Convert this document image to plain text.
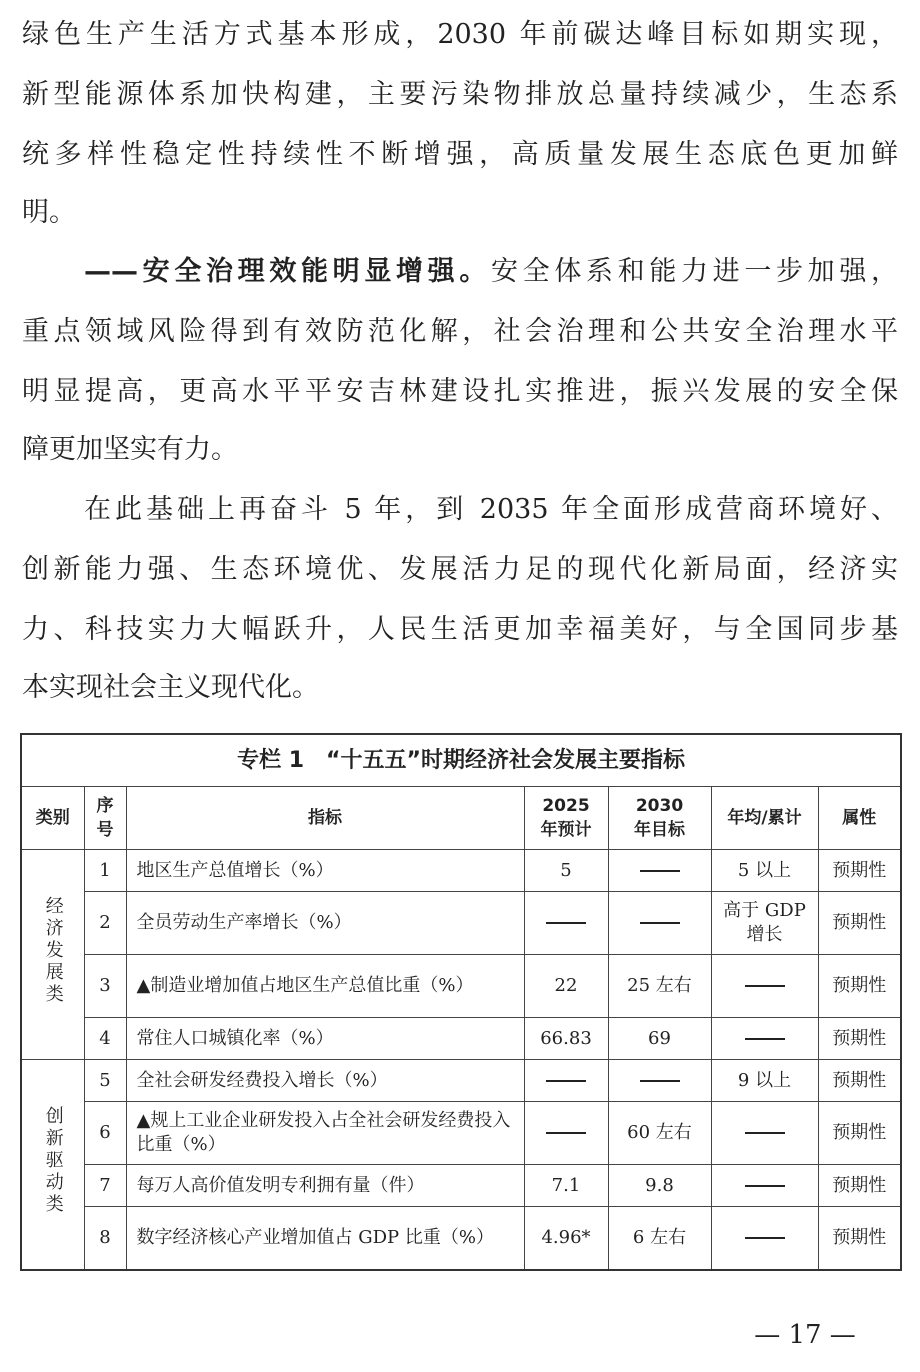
绿色生产生活方式基本形成，2030 年前碳达峰目标如期实现，
新型能源体系加快构建，主要污染物排放总量持续减少，生态系
统多样性稳定性持续性不断增强，高质量发展生态底色更加鲜
明。
——安全治理效能明显增强。安全体系和能力进一步加强，
重点领域风险得到有效防范化解，社会治理和公共安全治理水平
明显提高，更高水平平安吉林建设扎实推进，振兴发展的安全保
障更加坚实有力。
在此基础上再奋斗 5 年，到 2035 年全面形成营商环境好、
创新能力强、生态环境优、发展活力足的现代化新局面，经济实
力、科技实力大幅跃升，人民生活更加幸福美好，与全国同步基
本实现社会主义现代化。
专栏 1　“十五五”时期经济社会发展主要指标						
类别	序号	指标	2025 年预计	2030 年目标	年均/累计	属性
经济发展类	1	地区生产总值增长（%）	5		5 以上	预期性
	2	全员劳动生产率增长（%）			高于 GDP 增长	预期性
	3	▲制造业增加值占地区生产总值比重（%）	22	25 左右		预期性
	4	常住人口城镇化率（%）	66.83	69		预期性
创新驱动类	5	全社会研发经费投入增长（%）			9 以上	预期性
	6	▲规上工业企业研发投入占全社会研发经费投入比重（%）		60 左右		预期性
	7	每万人高价值发明专利拥有量（件）	7.1	9.8		预期性
	8	数字经济核心产业增加值占 GDP 比重（%）	4.96*	6 左右		预期性
— 17 —
